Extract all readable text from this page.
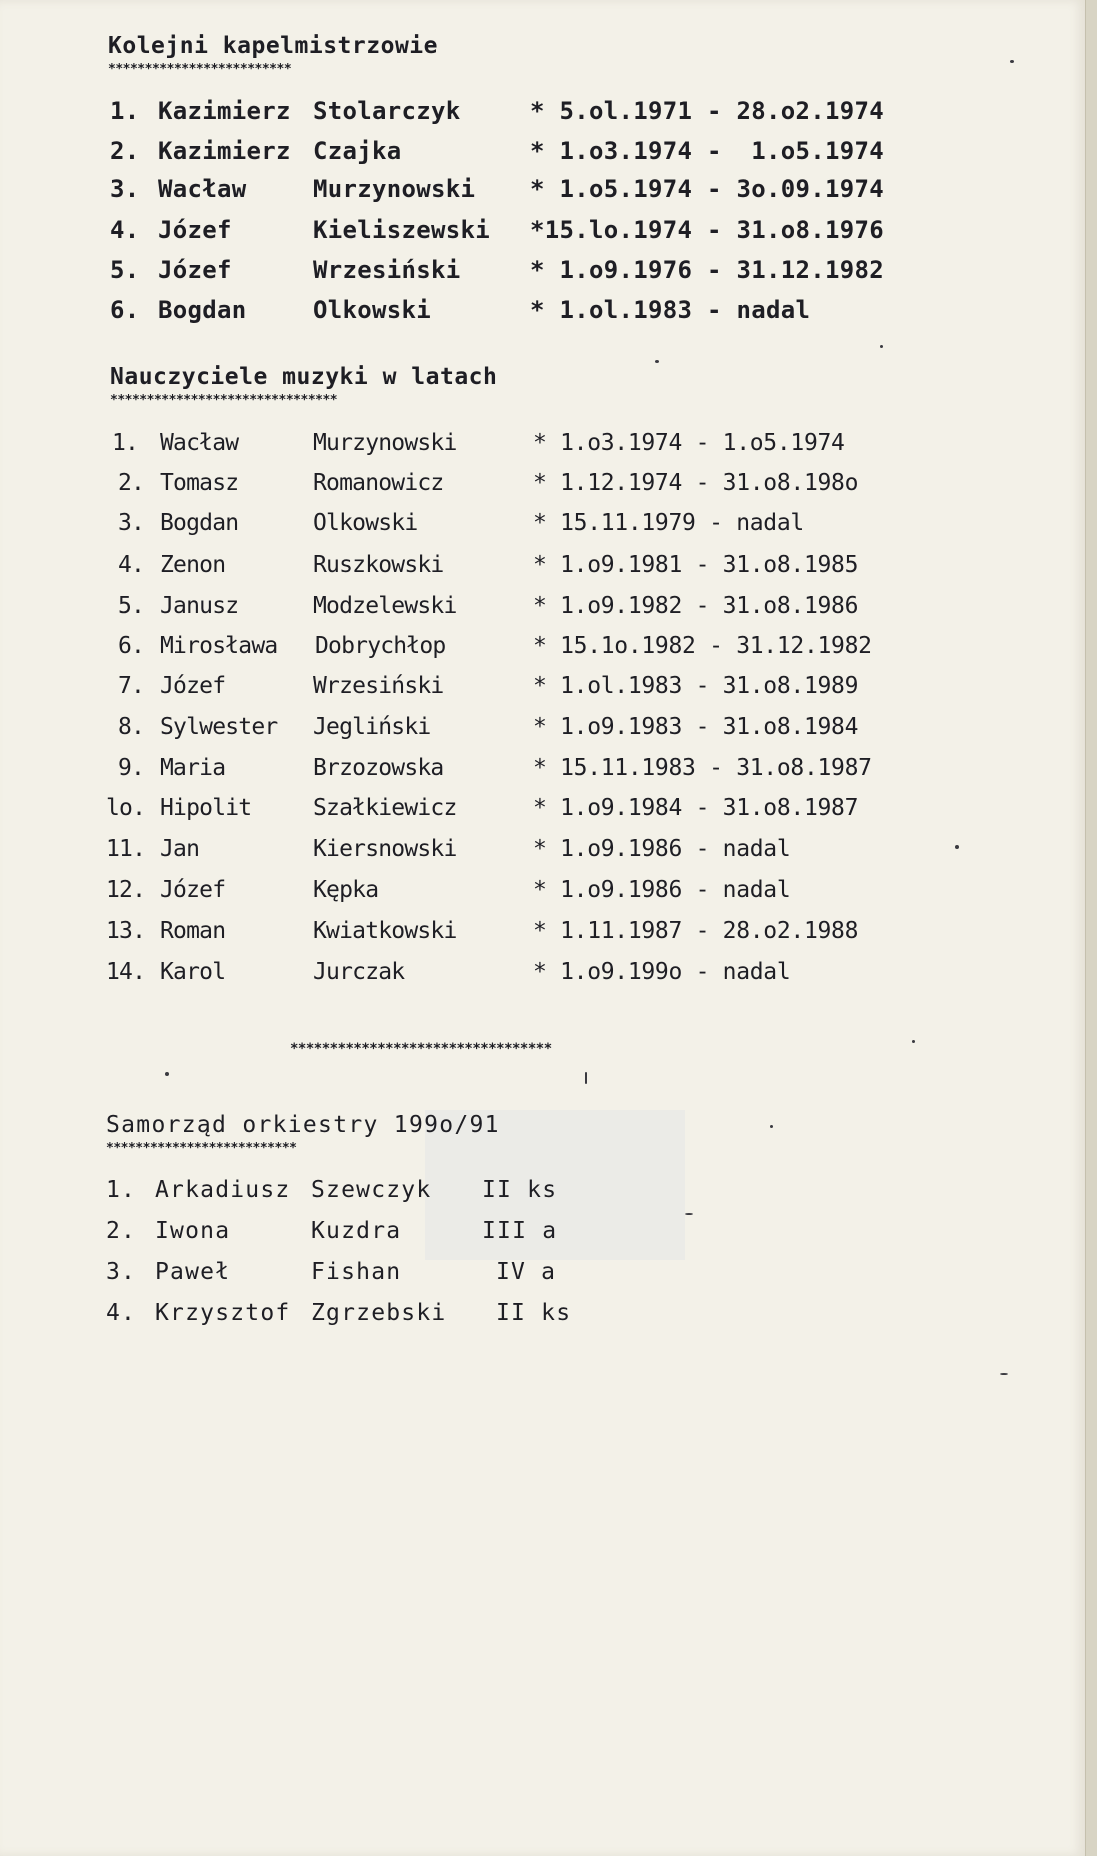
Kolejni kapelmistrzowie
*************************
1. Kazimierz Stolarczyk	* 5.ol.1971 - 28.o2.1974
2. Kazimierz Czajka	* 1.o3.1974 -  1.o5.1974
3. Wacław	Murzynowski * 1.o5.1974 - 3o.09.1974
4. Józef	Kieliszewski *15.lo.1974 - 31.o8.1976
5. Józef	Wrzesiński	* 1.o9.1976 - 31.12.1982
6. Bogdan	Olkowski	* 1.ol.1983 - nadal
Nauczyciele muzyki w latach
*******************************
1. Wacław	Murzynowski	* 1.o3.1974 - 1.o5.1974
2. Tomasz	Romanowicz	* 1.12.1974 - 31.o8.198o
3. Bogdan	Olkowski	* 15.11.1979 - nadal
4. Zenon	Ruszkowski	* 1.o9.1981 - 31.o8.1985
5. Janusz	Modzelewski	* 1.o9.1982 - 31.o8.1986
6. Mirosława Dobrychłop	* 15.1o.1982 - 31.12.1982
7. Józef	Wrzesiński	* 1.ol.1983 - 31.o8.1989
8. Sylwester Jegliński	* 1.o9.1983 - 31.o8.1984
9. Maria	Brzozowska	* 15.11.1983 - 31.o8.1987
lo. Hipolit	Szałkiewicz	* 1.o9.1984 - 31.o8.1987
11. Jan	Kiersnowski	* 1.o9.1986 - nadal
12. Józef	Kępka	* 1.o9.1986 - nadal
13. Roman	Kwiatkowski	* 1.11.1987 - 28.o2.1988
14. Karol	Jurczak	* 1.o9.199o - nadal
*********************************
Samorząd orkiestry 199o/91
**************************
1. Arkadiusz Szewczyk II ks
2. Iwona	Kuzdra	III a
3. Paweł	Fishan	IV a
4. Krzysztof Zgrzebski II ks
